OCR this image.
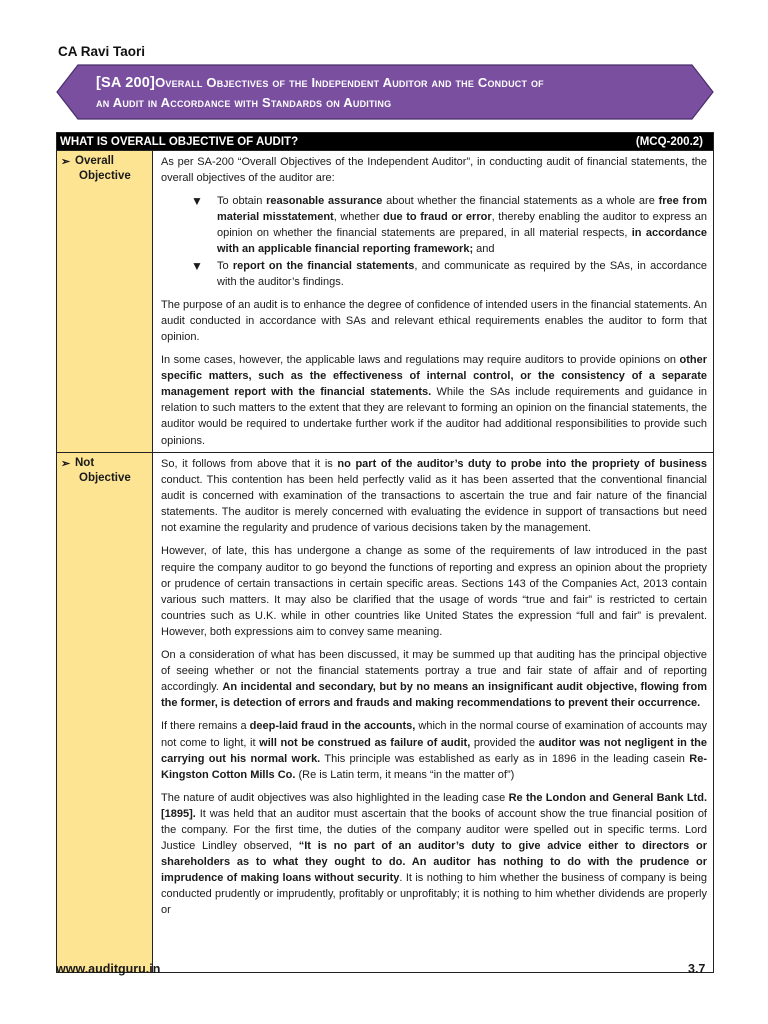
CA Ravi Taori
[SA 200]Overall Objectives of the Independent Auditor and the Conduct of
an Audit in Accordance with Standards on Auditing
WHAT IS OVERALL OBJECTIVE OF AUDIT?	(MCQ-200.2)
➢ Overall
Objective

As per SA-200 “Overall Objectives of the Independent Auditor”, in conducting audit of financial statements, the overall objectives of the auditor are:

▼ To obtain reasonable assurance about whether the financial statements as a whole are free from material misstatement, whether due to fraud or error, thereby enabling the auditor to express an opinion on whether the financial statements are prepared, in all material respects, in accordance with an applicable financial reporting framework; and
▼ To report on the financial statements, and communicate as required by the SAs, in accordance with the auditor’s findings.

The purpose of an audit is to enhance the degree of confidence of intended users in the financial statements. An audit conducted in accordance with SAs and relevant ethical requirements enables the auditor to form that opinion.

In some cases, however, the applicable laws and regulations may require auditors to provide opinions on other specific matters, such as the effectiveness of internal control, or the consistency of a separate management report with the financial statements. While the SAs include requirements and guidance in relation to such matters to the extent that they are relevant to forming an opinion on the financial statements, the auditor would be required to undertake further work if the auditor had additional responsibilities to provide such opinions.

➢ Not
Objective

So, it follows from above that it is no part of the auditor’s duty to probe into the propriety of business conduct. This contention has been held perfectly valid as it has been asserted that the conventional financial audit is concerned with examination of the transactions to ascertain the true and fair nature of the financial statements. The auditor is merely concerned with evaluating the evidence in support of transactions but need not examine the regularity and prudence of various decisions taken by the management.

However, of late, this has undergone a change as some of the requirements of law introduced in the past require the company auditor to go beyond the functions of reporting and express an opinion about the propriety or prudence of certain transactions in certain specific areas. Sections 143 of the Companies Act, 2013 contain various such matters. It may also be clarified that the usage of words “true and fair” is restricted to certain countries such as U.K. while in other countries like United States the expression “full and fair” is prevalent. However, both expressions aim to convey same meaning.

On a consideration of what has been discussed, it may be summed up that auditing has the principal objective of seeing whether or not the financial statements portray a true and fair state of affair and of reporting accordingly. An incidental and secondary, but by no means an insignificant audit objective, flowing from the former, is detection of errors and frauds and making recommendations to prevent their occurrence.

If there remains a deep-laid fraud in the accounts, which in the normal course of examination of accounts may not come to light, it will not be construed as failure of audit, provided the auditor was not negligent in the carrying out his normal work. This principle was established as early as in 1896 in the leading casein Re-Kingston Cotton Mills Co. (Re is Latin term, it means “in the matter of”)

The nature of audit objectives was also highlighted in the leading case Re the London and General Bank Ltd. [1895]. It was held that an auditor must ascertain that the books of account show the true financial position of the company. For the first time, the duties of the company auditor were spelled out in specific terms. Lord Justice Lindley observed, “It is no part of an auditor’s duty to give advice either to directors or shareholders as to what they ought to do. An auditor has nothing to do with the prudence or imprudence of making loans without security. It is nothing to him whether the business of company is being conducted prudently or imprudently, profitably or unprofitably; it is nothing to him whether dividends are properly or

www.auditguru.in	3.7
